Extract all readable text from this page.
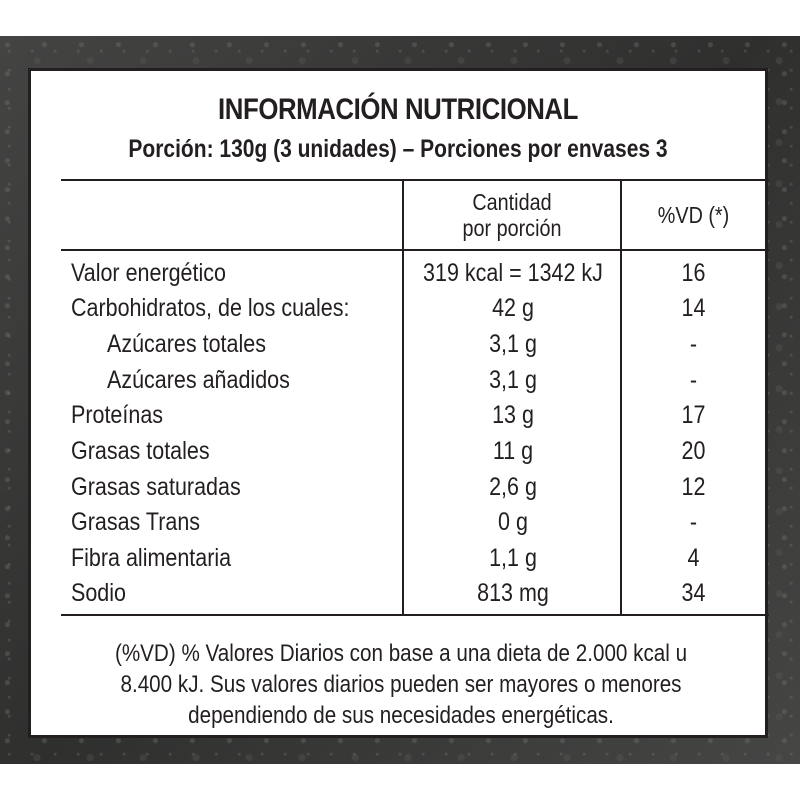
INFORMACIÓN NUTRICIONAL
Porción: 130g (3 unidades) – Porciones por envases 3
Cantidad
por porción	%VD (*)
Valor energético	319 kcal = 1342 kJ	16
Carbohidratos, de los cuales:	42 g	14
Azúcares totales	3,1 g	-
Azúcares añadidos	3,1 g	-
Proteínas	13 g	17
Grasas totales	11 g	20
Grasas saturadas	2,6 g	12
Grasas Trans	0 g	-
Fibra alimentaria	1,1 g	4
Sodio	813 mg	34
(%VD) % Valores Diarios con base a una dieta de 2.000 kcal u
8.400 kJ. Sus valores diarios pueden ser mayores o menores
dependiendo de sus necesidades energéticas.
